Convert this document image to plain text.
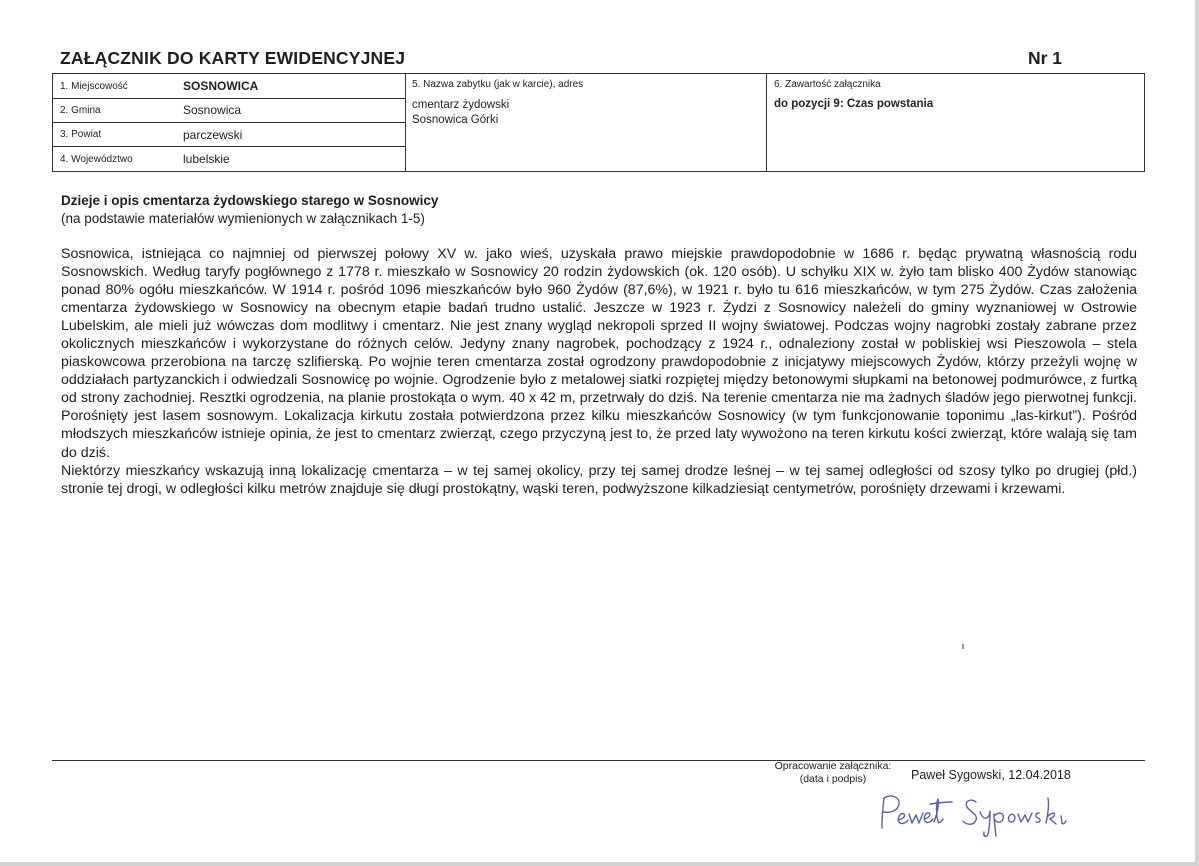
ZAŁĄCZNIK DO KARTY EWIDENCYJNEJ	Nr 1
1. Miejscowość	SOSNOWICA
2. Gmina	Sosnowica
3. Powiat	parczewski
4. Województwo	lubelskie
5. Nazwa zabytku (jak w karcie), adres
cmentarz żydowski
Sosnowica Górki
6. Zawartość załącznika
do pozycji 9: Czas powstania
Dzieje i opis cmentarza żydowskiego starego w Sosnowicy
(na podstawie materiałów wymienionych w załącznikach 1-5)

Sosnowica, istniejąca co najmniej od pierwszej połowy XV w. jako wieś, uzyskała prawo miejskie prawdopodobnie w 1686 r. będąc prywatną własnością rodu Sosnowskich. Według taryfy pogłównego z 1778 r. mieszkało w Sosnowicy 20 rodzin żydowskich (ok. 120 osób). U schyłku XIX w. żyło tam blisko 400 Żydów stanowiąc ponad 80% ogółu mieszkańców. W 1914 r. pośród 1096 mieszkańców było 960 Żydów (87,6%), w 1921 r. było tu 616 mieszkańców, w tym 275 Żydów. Czas założenia cmentarza żydowskiego w Sosnowicy na obecnym etapie badań trudno ustalić. Jeszcze w 1923 r. Żydzi z Sosnowicy należeli do gminy wyznaniowej w Ostrowie Lubelskim, ale mieli już wówczas dom modlitwy i cmentarz. Nie jest znany wygląd nekropoli sprzed II wojny światowej. Podczas wojny nagrobki zostały zabrane przez okolicznych mieszkańców i wykorzystane do różnych celów. Jedyny znany nagrobek, pochodzący z 1924 r., odnaleziony został w pobliskiej wsi Pieszowola – stela piaskowcowa przerobiona na tarczę szlifierską. Po wojnie teren cmentarza został ogrodzony prawdopodobnie z inicjatywy miejscowych Żydów, którzy przeżyli wojnę w oddziałach partyzanckich i odwiedzali Sosnowicę po wojnie. Ogrodzenie było z metalowej siatki rozpiętej między betonowymi słupkami na betonowej podmurówce, z furtką od strony zachodniej. Resztki ogrodzenia, na planie prostokąta o wym. 40 x 42 m, przetrwały do dziś. Na terenie cmentarza nie ma żadnych śladów jego pierwotnej funkcji. Porośnięty jest lasem sosnowym. Lokalizacja kirkutu została potwierdzona przez kilku mieszkańców Sosnowicy (w tym funkcjonowanie toponimu „las-kirkut”). Pośród młodszych mieszkańców istnieje opinia, że jest to cmentarz zwierząt, czego przyczyną jest to, że przed laty wywożono na teren kirkutu kości zwierząt, które walają się tam do dziś.

Niektórzy mieszkańcy wskazują inną lokalizację cmentarza – w tej samej okolicy, przy tej samej drodze leśnej – w tej samej odległości od szosy tylko po drugiej (płd.) stronie tej drogi, w odległości kilku metrów znajduje się długi prostokątny, wąski teren, podwyższone kilkadziesiąt centymetrów, porośnięty drzewami i krzewami.

Opracowanie załącznika:
(data i podpis)	Paweł Sygowski, 12.04.2018
